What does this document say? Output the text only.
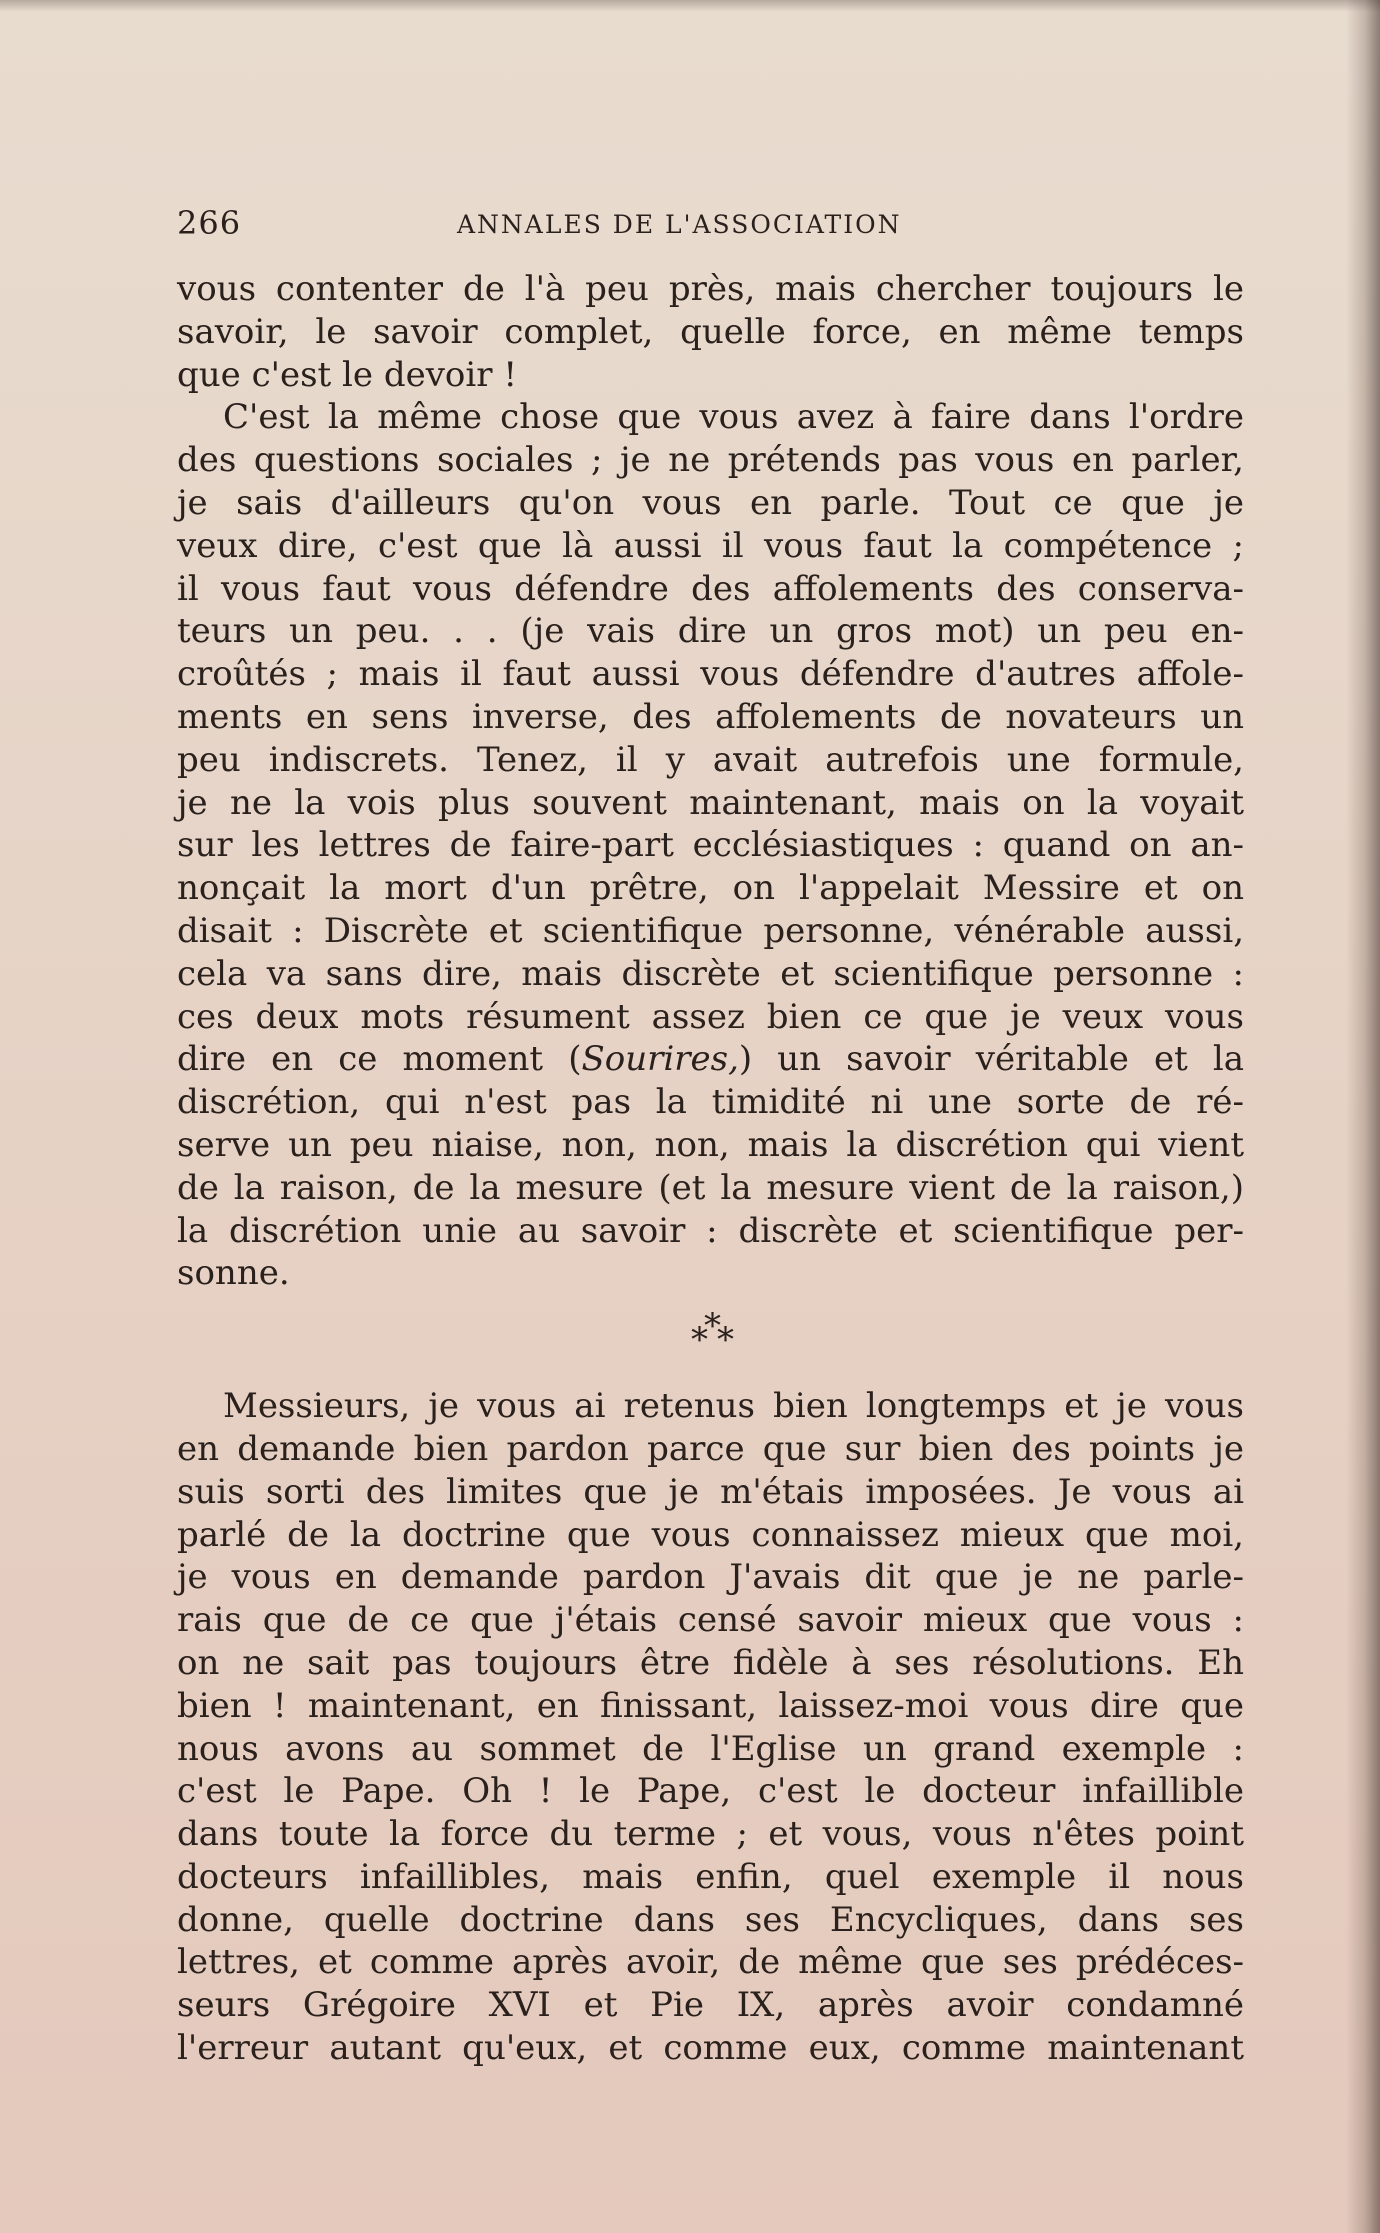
266	ANNALES DE L'ASSOCIATION
vous contenter de l'à peu près, mais chercher toujours le
savoir, le savoir complet, quelle force, en même temps
que c'est le devoir !
C'est la même chose que vous avez à faire dans l'ordre
des questions sociales ; je ne prétends pas vous en parler,
je sais d'ailleurs qu'on vous en parle. Tout ce que je
veux dire, c'est que là aussi il vous faut la compétence ;
il vous faut vous défendre des affolements des conserva-
teurs un peu. . . (je vais dire un gros mot) un peu en-
croûtés ; mais il faut aussi vous défendre d'autres affole-
ments en sens inverse, des affolements de novateurs un
peu indiscrets. Tenez, il y avait autrefois une formule,
je ne la vois plus souvent maintenant, mais on la voyait
sur les lettres de faire-part ecclésiastiques : quand on an-
nonçait la mort d'un prêtre, on l'appelait Messire et on
disait : Discrète et scientifique personne, vénérable aussi,
cela va sans dire, mais discrète et scientifique personne :
ces deux mots résument assez bien ce que je veux vous
dire en ce moment (Sourires,) un savoir véritable et la
discrétion, qui n'est pas la timidité ni une sorte de ré-
serve un peu niaise, non, non, mais la discrétion qui vient
de la raison, de la mesure (et la mesure vient de la raison,)
la discrétion unie au savoir : discrète et scientifique per-
sonne.
***
Messieurs, je vous ai retenus bien longtemps et je vous
en demande bien pardon parce que sur bien des points je
suis sorti des limites que je m'étais imposées. Je vous ai
parlé de la doctrine que vous connaissez mieux que moi,
je vous en demande pardon J'avais dit que je ne parle-
rais que de ce que j'étais censé savoir mieux que vous :
on ne sait pas toujours être fidèle à ses résolutions. Eh
bien ! maintenant, en finissant, laissez-moi vous dire que
nous avons au sommet de l'Eglise un grand exemple :
c'est le Pape. Oh ! le Pape, c'est le docteur infaillible
dans toute la force du terme ; et vous, vous n'êtes point
docteurs infaillibles, mais enfin, quel exemple il nous
donne, quelle doctrine dans ses Encycliques, dans ses
lettres, et comme après avoir, de même que ses prédéces-
seurs Grégoire XVI et Pie IX, après avoir condamné
l'erreur autant qu'eux, et comme eux, comme maintenant
